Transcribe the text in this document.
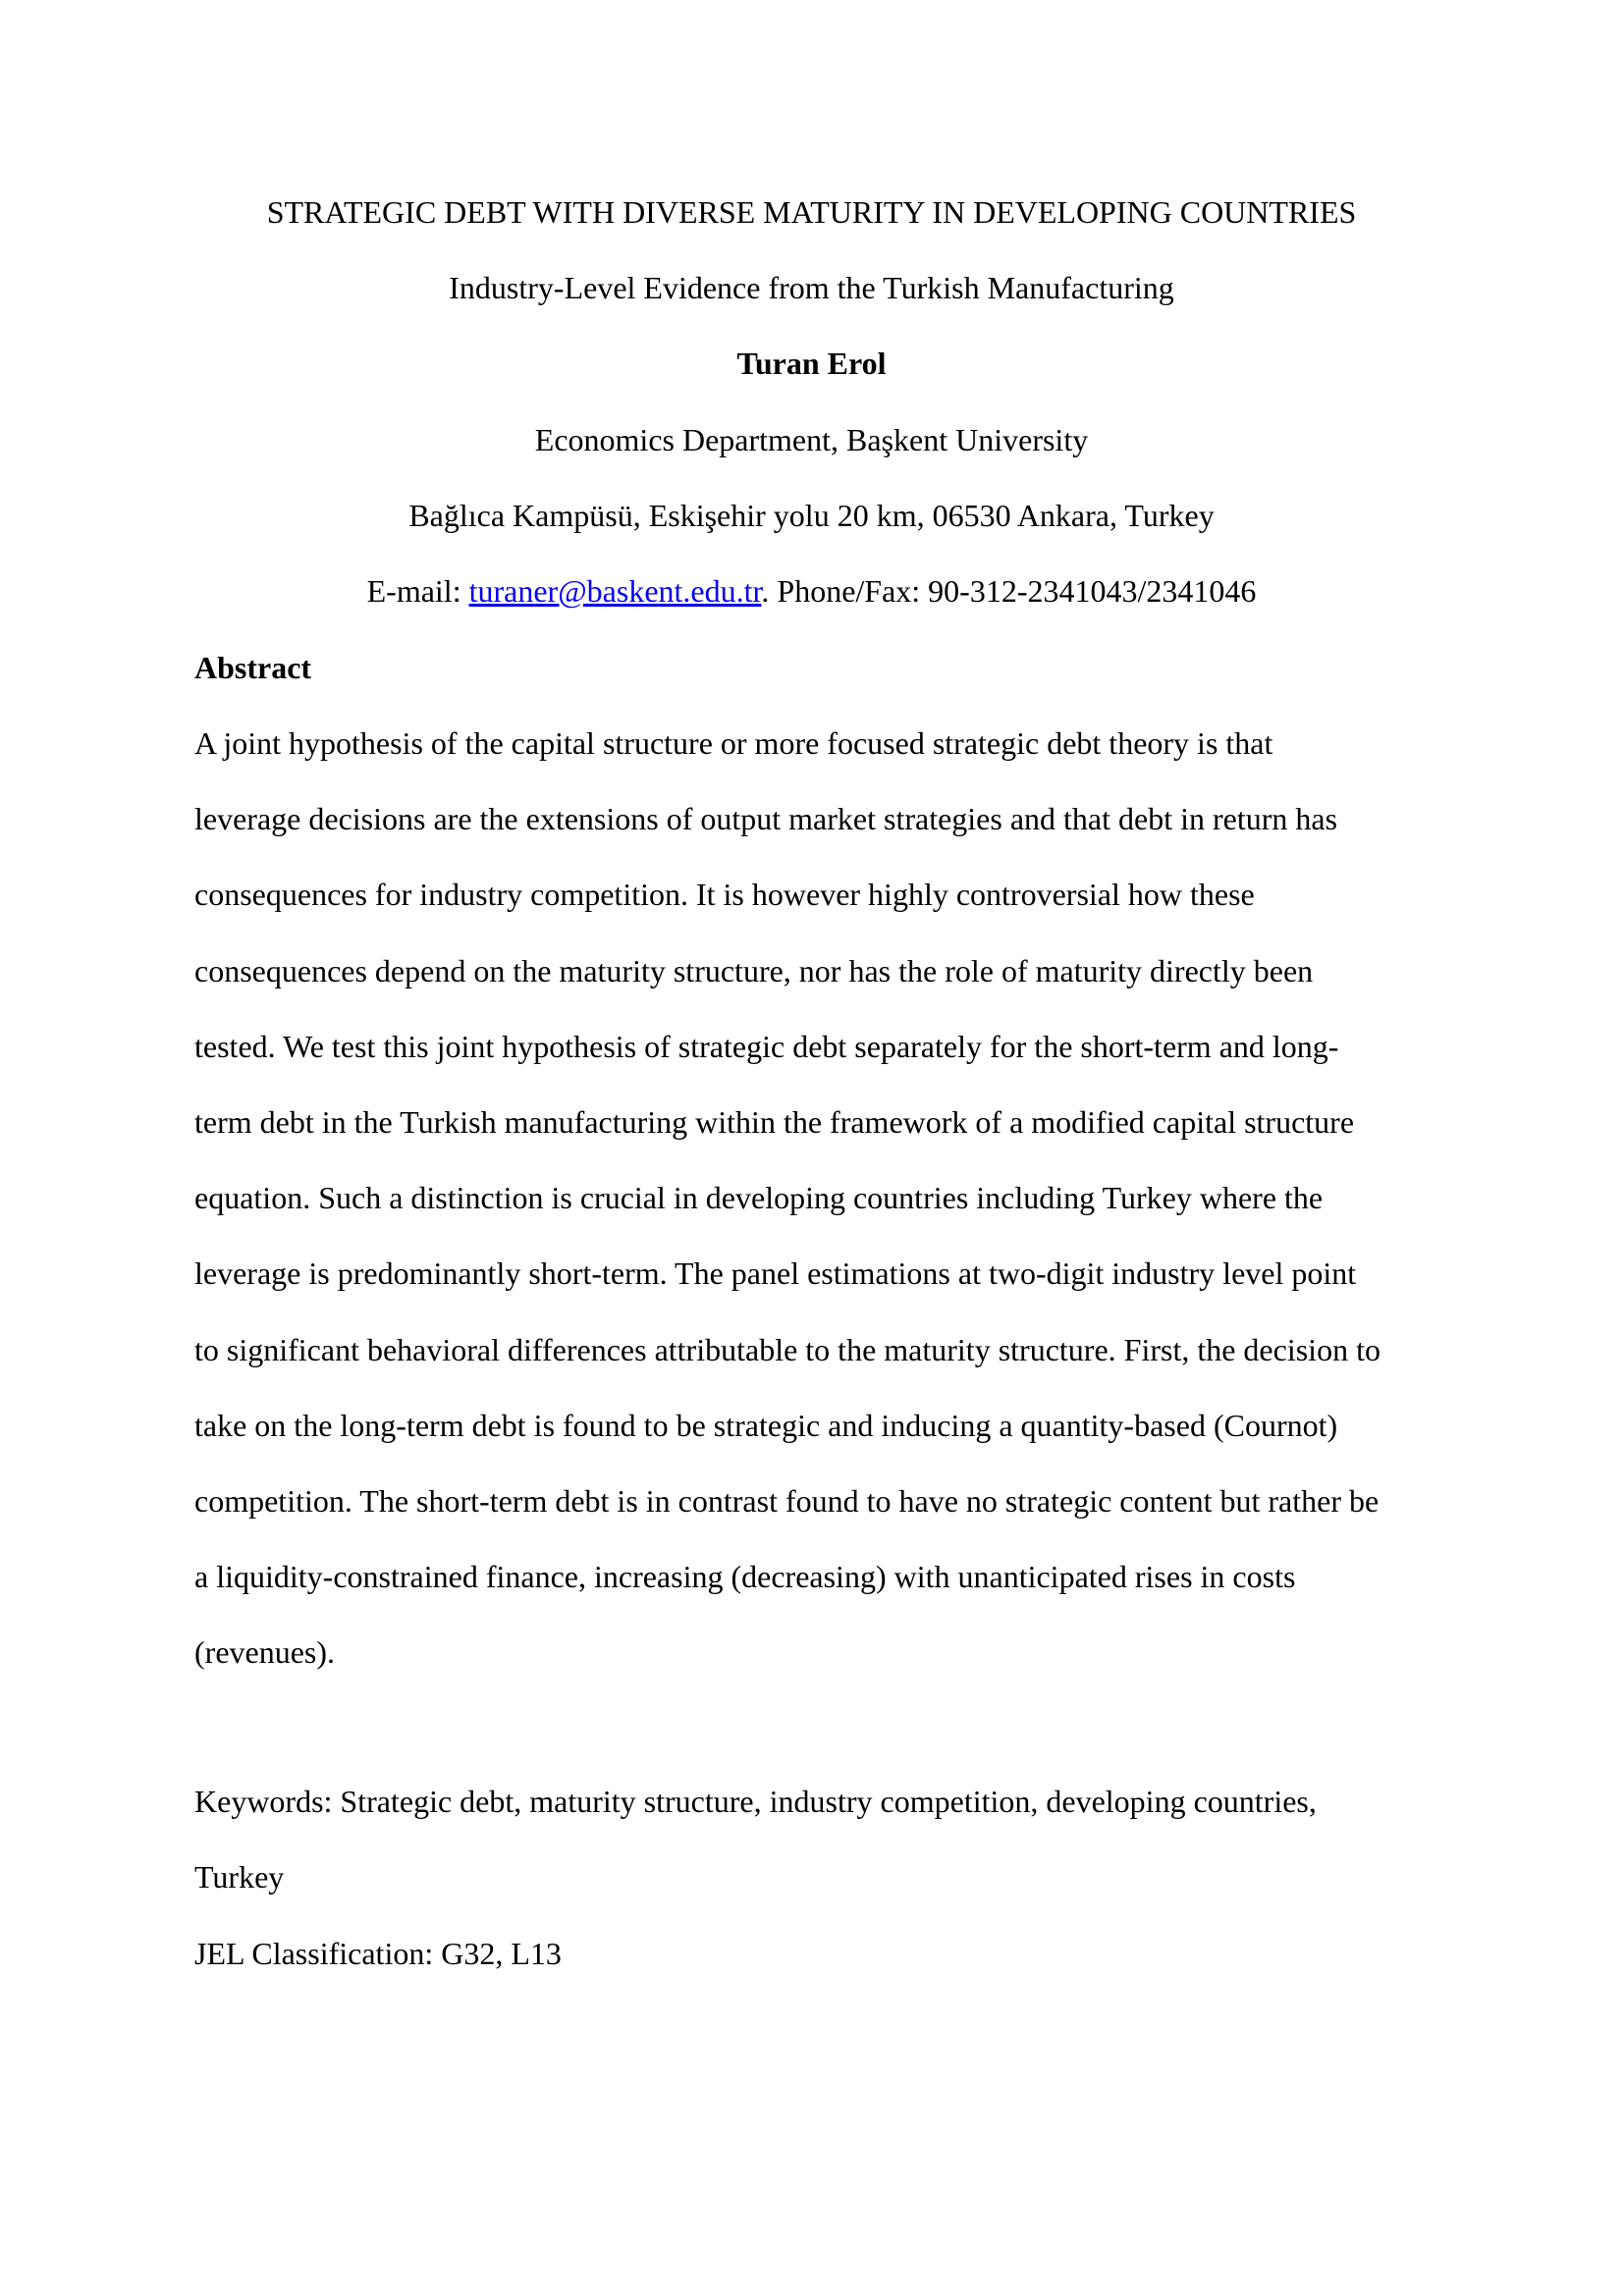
STRATEGIC DEBT WITH DIVERSE MATURITY IN DEVELOPING COUNTRIES
Industry-Level Evidence from the Turkish Manufacturing
Turan Erol
Economics Department, Başkent University
Bağlıca Kampüsü, Eskişehir yolu 20 km, 06530 Ankara, Turkey
E-mail: turaner@baskent.edu.tr. Phone/Fax: 90-312-2341043/2341046
Abstract
A joint hypothesis of the capital structure or more focused strategic debt theory is that
leverage decisions are the extensions of output market strategies and that debt in return has
consequences for industry competition. It is however highly controversial how these
consequences depend on the maturity structure, nor has the role of maturity directly been
tested. We test this joint hypothesis of strategic debt separately for the short-term and long-
term debt in the Turkish manufacturing within the framework of a modified capital structure
equation. Such a distinction is crucial in developing countries including Turkey where the
leverage is predominantly short-term. The panel estimations at two-digit industry level point
to significant behavioral differences attributable to the maturity structure. First, the decision to
take on the long-term debt is found to be strategic and inducing a quantity-based (Cournot)
competition. The short-term debt is in contrast found to have no strategic content but rather be
a liquidity-constrained finance, increasing (decreasing) with unanticipated rises in costs
(revenues).
Keywords: Strategic debt, maturity structure, industry competition, developing countries,
Turkey
JEL Classification: G32, L13
